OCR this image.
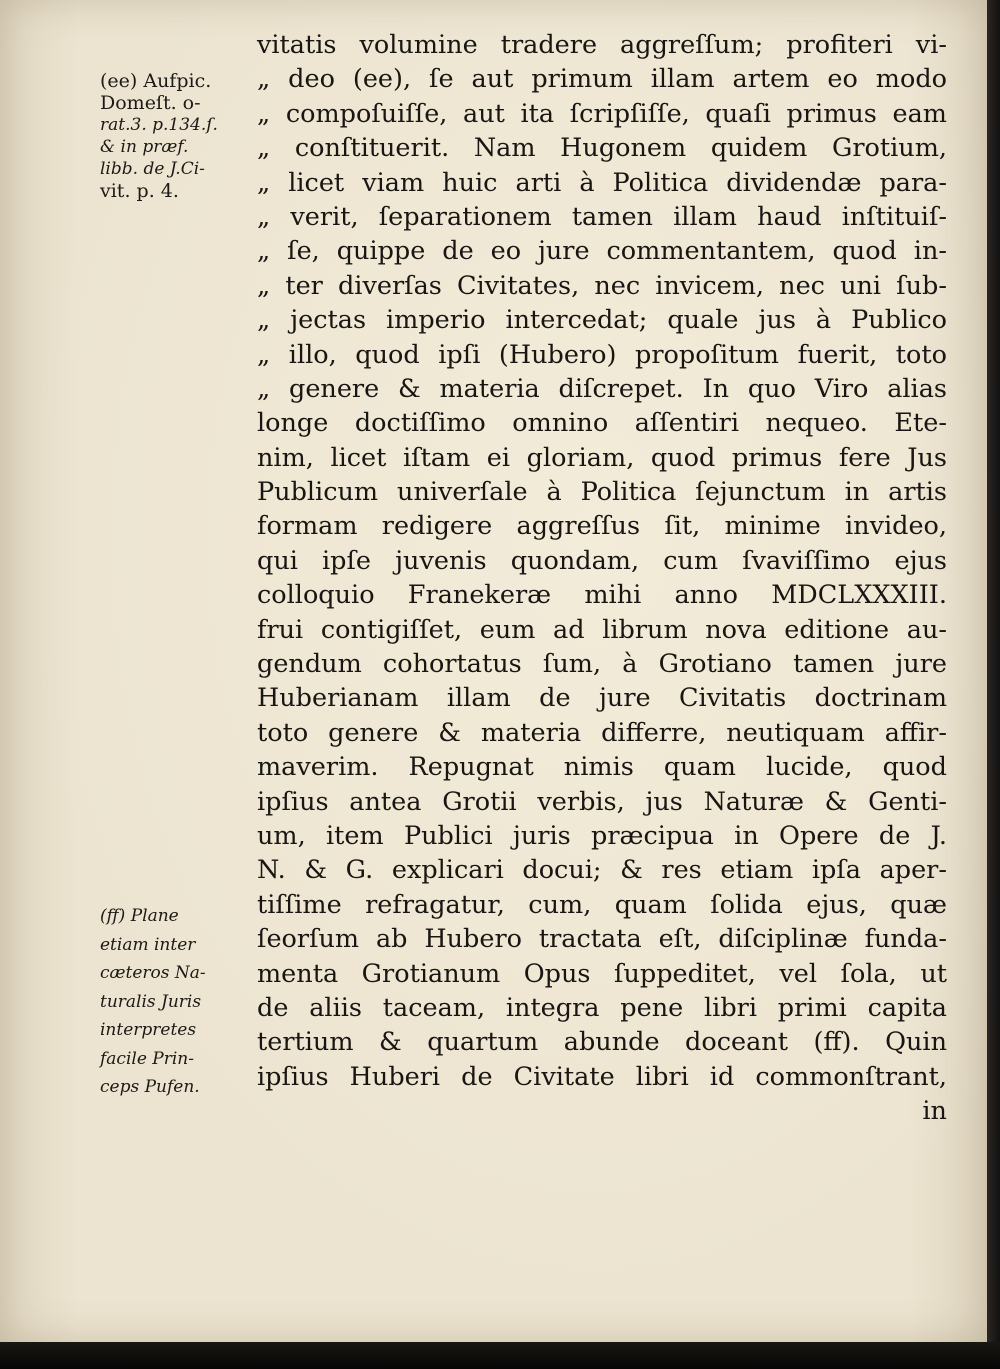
(ee) Aufpic.
Domeſt. o-
rat.3. p.134.ſ.
& in præf.
libb. de J.Ci-
vit. p. 4.
(ff) Plane
etiam inter
cæteros Na-
turalis Juris
interpretes
facile Prin-
ceps Pufen.
vitatis volumine tradere aggreſſum; profiteri vi-
„ deo (ee), ſe aut primum illam artem eo modo
„ compoſuiſſe, aut ita ſcripſiſſe, quaſi primus eam
„ conſtituerit. Nam Hugonem quidem Grotium,
„ licet viam huic arti à Politica dividendæ para-
„ verit, ſeparationem tamen illam haud inſtituiſ-
„ ſe, quippe de eo jure commentantem, quod in-
„ ter diverſas Civitates, nec invicem, nec uni ſub-
„ jectas imperio intercedat; quale jus à Publico
„ illo, quod ipſi (Hubero) propoſitum fuerit, toto
„ genere & materia diſcrepet. In quo Viro alias
longe doctiſſimo omnino aſſentiri nequeo. Ete-
nim, licet iſtam ei gloriam, quod primus fere Jus
Publicum univerſale à Politica ſejunctum in artis
formam redigere aggreſſus ſit, minime invideo,
qui ipſe juvenis quondam, cum ſvaviſſimo ejus
colloquio Franekeræ mihi anno MDCLXXXIII.
frui contigiſſet, eum ad librum nova editione au-
gendum cohortatus ſum, à Grotiano tamen jure
Huberianam illam de jure Civitatis doctrinam
toto genere & materia differre, neutiquam affir-
maverim. Repugnat nimis quam lucide, quod
ipſius antea Grotii verbis, jus Naturæ & Genti-
um, item Publici juris præcipua in Opere de J.
N. & G. explicari docui; & res etiam ipſa aper-
tiſſime refragatur, cum, quam ſolida ejus, quæ
ſeorſum ab Hubero tractata eſt, diſciplinæ funda-
menta Grotianum Opus ſuppeditet, vel ſola, ut
de aliis taceam, integra pene libri primi capita
tertium & quartum abunde doceant (ff). Quin
ipſius Huberi de Civitate libri id commonſtrant,
in
